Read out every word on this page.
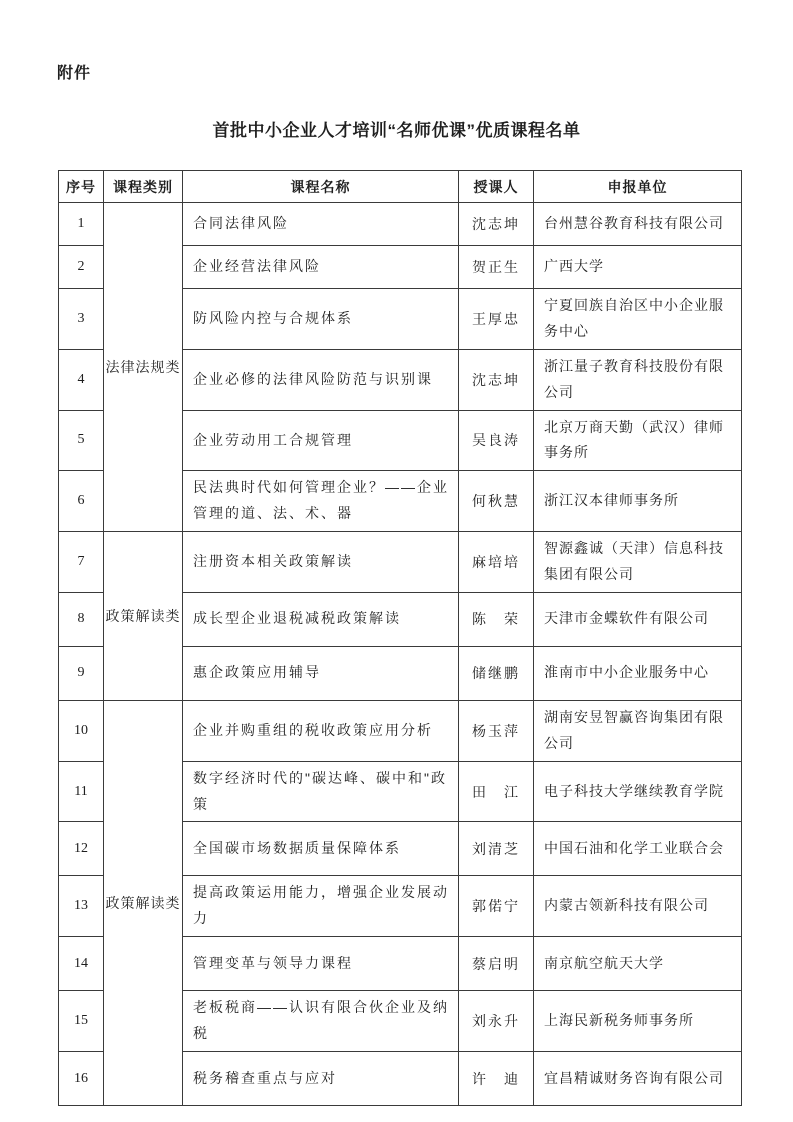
附件
首批中小企业人才培训“名师优课”优质课程名单
序号	课程类别	课程名称	授课人	申报单位
1	法律法规类	合同法律风险	沈志坤	台州慧谷教育科技有限公司
2		企业经营法律风险	贺正生	广西大学
3		防风险内控与合规体系	王厚忠	宁夏回族自治区中小企业服务中心
4		企业必修的法律风险防范与识别课	沈志坤	浙江量子教育科技股份有限公司
5		企业劳动用工合规管理	吴良涛	北京万商天勤（武汉）律师事务所
6		民法典时代如何管理企业？——企业管理的道、法、术、器	何秋慧	浙江汉本律师事务所
7	政策解读类	注册资本相关政策解读	麻培培	智源鑫诚（天津）信息科技集团有限公司
8		成长型企业退税减税政策解读	陈　荣	天津市金蝶软件有限公司
9		惠企政策应用辅导	储继鹏	淮南市中小企业服务中心
10	政策解读类	企业并购重组的税收政策应用分析	杨玉萍	湖南安昱智赢咨询集团有限公司
11		数字经济时代的"碳达峰、碳中和"政策	田　江	电子科技大学继续教育学院
12		全国碳市场数据质量保障体系	刘清芝	中国石油和化学工业联合会
13		提高政策运用能力，增强企业发展动力	郭偌宁	内蒙古领新科技有限公司
14		管理变革与领导力课程	蔡启明	南京航空航天大学
15		老板税商——认识有限合伙企业及纳税	刘永升	上海民新税务师事务所
16		税务稽查重点与应对	许　迪	宜昌精诚财务咨询有限公司
